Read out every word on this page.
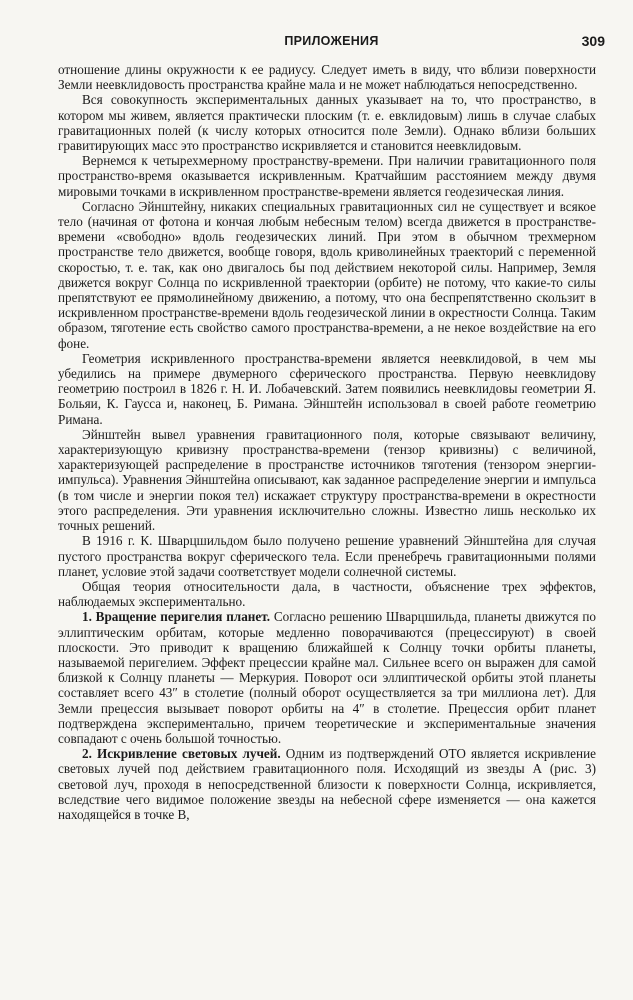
ПРИЛОЖЕНИЯ	309

отношение длины окружности к ее радиусу. Следует иметь в виду, что вблизи поверхности Земли неевклидовость пространства крайне мала и не может наблюдаться непосредственно.

Вся совокупность экспериментальных данных указывает на то, что пространство, в котором мы живем, является практически плоским (т. е. евклидовым) лишь в случае слабых гравитационных полей (к числу которых относится поле Земли). Однако вблизи больших гравитирующих масс это пространство искривляется и становится неевклидовым.

Вернемся к четырехмерному пространству-времени. При наличии гравитационного поля пространство-время оказывается искривленным. Кратчайшим расстоянием между двумя мировыми точками в искривленном пространстве-времени является геодезическая линия.

Согласно Эйнштейну, никаких специальных гравитационных сил не существует и всякое тело (начиная от фотона и кончая любым небесным телом) всегда движется в пространстве-времени «свободно» вдоль геодезических линий. При этом в обычном трехмерном пространстве тело движется, вообще говоря, вдоль криволинейных траекторий с переменной скоростью, т. е. так, как оно двигалось бы под действием некоторой силы. Например, Земля движется вокруг Солнца по искривленной траектории (орбите) не потому, что какие-то силы препятствуют ее прямолинейному движению, а потому, что она беспрепятственно скользит в искривленном пространстве-времени вдоль геодезической линии в окрестности Солнца. Таким образом, тяготение есть свойство самого пространства-времени, а не некое воздействие на его фоне.

Геометрия искривленного пространства-времени является неевклидовой, в чем мы убедились на примере двумерного сферического пространства. Первую неевклидову геометрию построил в 1826 г. Н. И. Лобачевский. Затем появились неевклидовы геометрии Я. Больяи, К. Гаусса и, наконец, Б. Римана. Эйнштейн использовал в своей работе геометрию Римана.

Эйнштейн вывел уравнения гравитационного поля, которые связывают величину, характеризующую кривизну пространства-времени (тензор кривизны) с величиной, характеризующей распределение в пространстве источников тяготения (тензором энергии-импульса). Уравнения Эйнштейна описывают, как заданное распределение энергии и импульса (в том числе и энергии покоя тел) искажает структуру пространства-времени в окрестности этого распределения. Эти уравнения исключительно сложны. Известно лишь несколько их точных решений.

В 1916 г. К. Шварцшильдом было получено решение уравнений Эйнштейна для случая пустого пространства вокруг сферического тела. Если пренебречь гравитационными полями планет, условие этой задачи соответствует модели солнечной системы.

Общая теория относительности дала, в частности, объяснение трех эффектов, наблюдаемых экспериментально.

1. Вращение перигелия планет. Согласно решению Шварцшильда, планеты движутся по эллиптическим орбитам, которые медленно поворачиваются (прецессируют) в своей плоскости. Это приводит к вращению ближайшей к Солнцу точки орбиты планеты, называемой перигелием. Эффект прецессии крайне мал. Сильнее всего он выражен для самой близкой к Солнцу планеты — Меркурия. Поворот оси эллиптической орбиты этой планеты составляет всего 43″ в столетие (полный оборот осуществляется за три миллиона лет). Для Земли прецессия вызывает поворот орбиты на 4″ в столетие. Прецессия орбит планет подтверждена экспериментально, причем теоретические и экспериментальные значения совпадают с очень большой точностью.

2. Искривление световых лучей. Одним из подтверждений ОТО является искривление световых лучей под действием гравитационного поля. Исходящий из звезды А (рис. 3) световой луч, проходя в непосредственной близости к поверхности Солнца, искривляется, вследствие чего видимое положение звезды на небесной сфере изменяется — она кажется находящейся в точке В,
